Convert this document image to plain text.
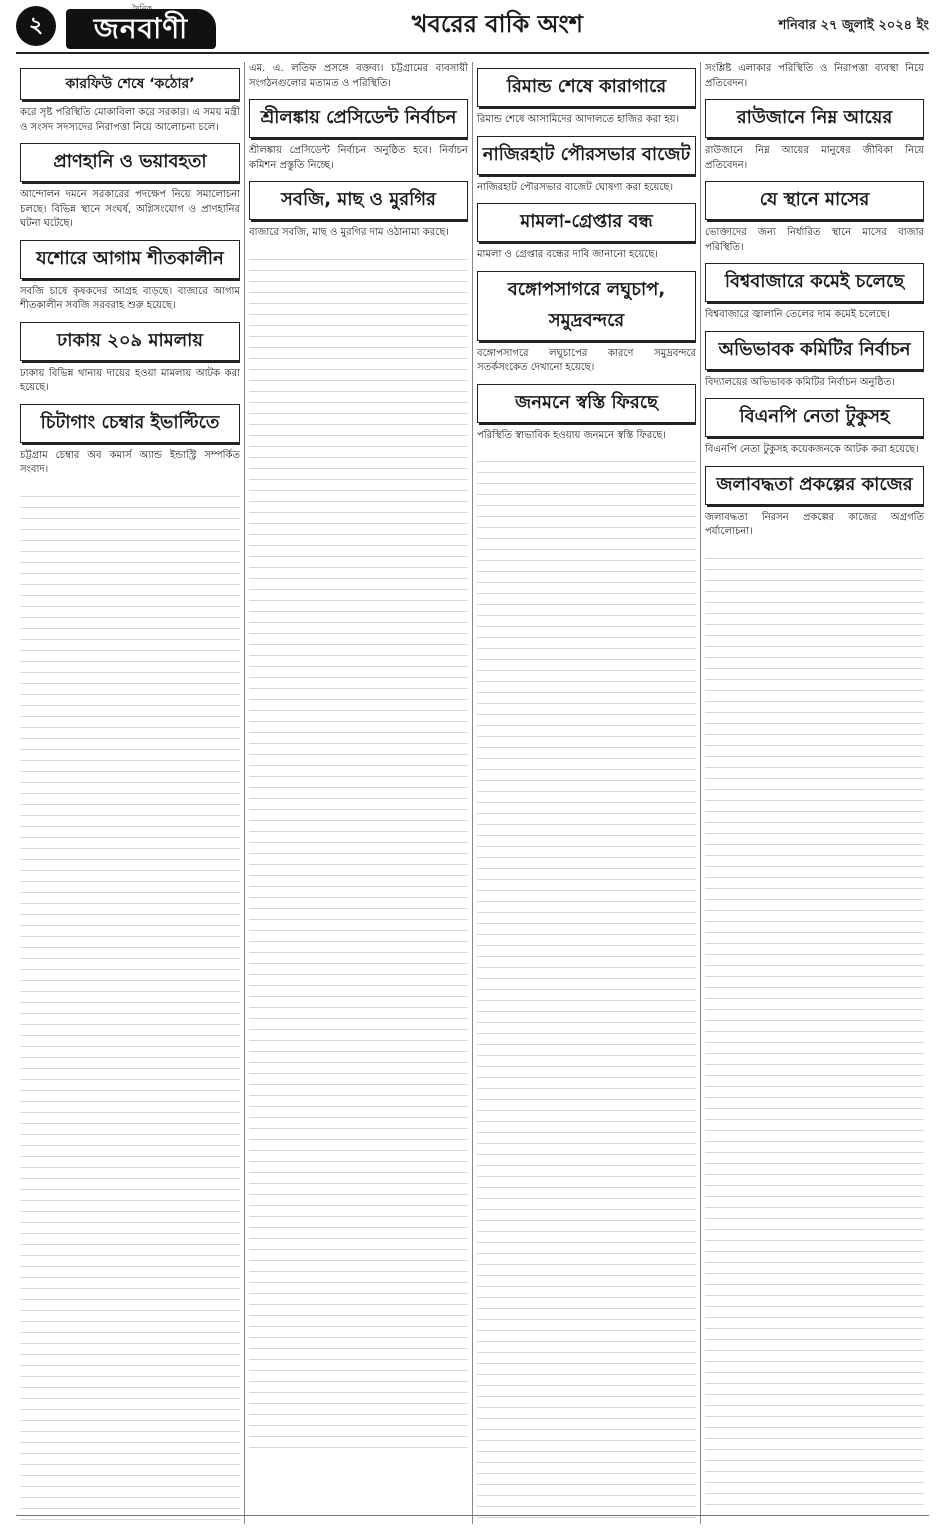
২	জনবাণী	খবরের বাকি অংশ	শনিবার ২৭ জুলাই ২০২৪ ইং
কারফিউ শেষে ‘কঠোর’

করে সৃষ্ট পরিস্থিতি মোকাবিলা করে সরকার। এ সময় মন্ত্রী ও সংসদ সদস্যদের নিরাপত্তা নিয়ে আলোচনা চলে।

প্রাণহানি ও ভয়াবহতা

আন্দোলন দমনে সরকারের পদক্ষেপ নিয়ে সমালোচনা চলছে। বিভিন্ন স্থানে সংঘর্ষ, অগ্নিসংযোগ ও প্রাণহানির ঘটনা ঘটেছে।

যশোরে আগাম শীতকালীন

সবজি চাষে কৃষকদের আগ্রহ বাড়ছে। বাজারে আগাম শীতকালীন সবজি সরবরাহ শুরু হয়েছে।

ঢাকায় ২০৯ মামলায়

ঢাকায় বিভিন্ন থানায় দায়ের হওয়া মামলায় আটক করা হয়েছে।

চিটাগাং চেম্বার ইভাল্টিতে

চট্টগ্রাম চেম্বার অব কমার্স অ্যান্ড ইন্ডাস্ট্রি সম্পর্কিত সংবাদ।

এম. এ. লতিফ প্রসঙ্গে বক্তব্য। চট্টগ্রামের ব্যবসায়ী সংগঠনগুলোর মতামত ও পরিস্থিতি।

শ্রীলঙ্কায় প্রেসিডেন্ট নির্বাচন

শ্রীলঙ্কায় প্রেসিডেন্ট নির্বাচন অনুষ্ঠিত হবে। নির্বাচন কমিশন প্রস্তুতি নিচ্ছে।

সবজি, মাছ ও মুরগির

বাজারে সবজি, মাছ ও মুরগির দাম ওঠানামা করছে।

রিমান্ড শেষে কারাগারে

রিমান্ড শেষে আসামিদের আদালতে হাজির করা হয়।

নাজিরহাট পৌরসভার বাজেট

নাজিরহাট পৌরসভার বাজেট ঘোষণা করা হয়েছে।

মামলা-গ্রেপ্তার বন্ধ

মামলা ও গ্রেপ্তার বন্ধের দাবি জানানো হয়েছে।

বঙ্গোপসাগরে লঘুচাপ, সমুদ্রবন্দরে

বঙ্গোপসাগরে লঘুচাপের কারণে সমুদ্রবন্দরে সতর্কসংকেত দেখানো হয়েছে।

জনমনে স্বস্তি ফিরছে

পরিস্থিতি স্বাভাবিক হওয়ায় জনমনে স্বস্তি ফিরছে।

সংশ্লিষ্ট এলাকার পরিস্থিতি ও নিরাপত্তা ব্যবস্থা নিয়ে প্রতিবেদন।

রাউজানে নিম্ন আয়ের

রাউজানে নিম্ন আয়ের মানুষের জীবিকা নিয়ে প্রতিবেদন।

যে স্থানে মাসের

ভোক্তাদের জন্য নির্ধারিত স্থানে মাসের বাজার পরিস্থিতি।

বিশ্ববাজারে কমেই চলেছে

বিশ্ববাজারে জ্বালানি তেলের দাম কমেই চলেছে।

অভিভাবক কমিটির নির্বাচন

বিদ্যালয়ের অভিভাবক কমিটির নির্বাচন অনুষ্ঠিত।

বিএনপি নেতা টুকুসহ

বিএনপি নেতা টুকুসহ কয়েকজনকে আটক করা হয়েছে।

জলাবদ্ধতা প্রকল্পের কাজের

জলাবদ্ধতা নিরসন প্রকল্পের কাজের অগ্রগতি পর্যালোচনা।
